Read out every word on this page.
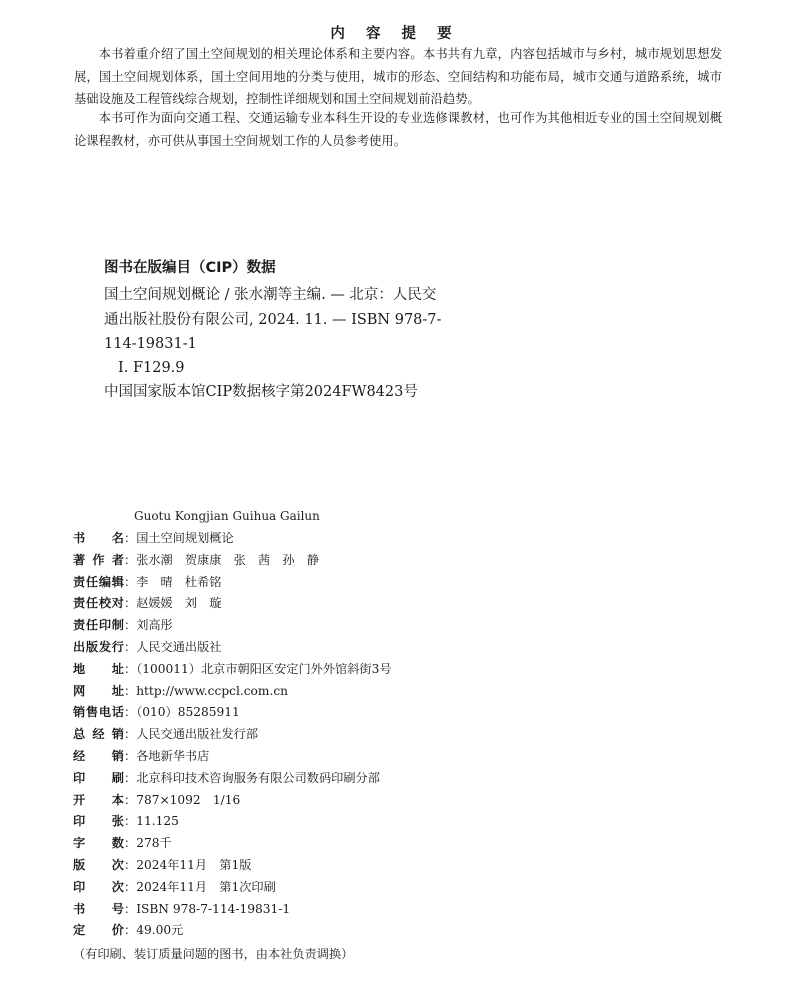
内 容 提 要

本书着重介绍了国土空间规划的相关理论体系和主要内容。本书共有九章，内容包括城市与乡村，城市规划思想发展，国土空间规划体系，国土空间用地的分类与使用，城市的形态、空间结构和功能布局，城市交通与道路系统，城市基础设施及工程管线综合规划，控制性详细规划和国土空间规划前沿趋势。

本书可作为面向交通工程、交通运输专业本科生开设的专业选修课教材，也可作为其他相近专业的国土空间规划概论课程教材，亦可供从事国土空间规划工作的人员参考使用。

图书在版编目（CIP）数据

国土空间规划概论 / 张水潮等主编. — 北京：人民交通出版社股份有限公司, 2024. 11. — ISBN 978-7-114-19831-1

Ⅰ. F129.9
中国国家版本馆CIP数据核字第2024FW8423号
Guotu Kongjian Guihua Gailun
书名：国土空间规划概论
著作者：张水潮　贺康康　张　茜　孙　静
责任编辑：李　晴　杜希铭
责任校对：赵媛媛　刘　璇
责任印制：刘高彤
出版发行：人民交通出版社
地址：（100011）北京市朝阳区安定门外外馆斜街3号
网址：http://www.ccpcl.com.cn
销售电话：（010）85285911
总经销：人民交通出版社发行部
经销：各地新华书店
印刷：北京科印技术咨询服务有限公司数码印刷分部
开本：787×1092　1/16
印张：11.125
字数：278千
版次：2024年11月　第1版
印次：2024年11月　第1次印刷
书号：ISBN 978-7-114-19831-1
定价：49.00元
（有印刷、装订质量问题的图书，由本社负责调换）
